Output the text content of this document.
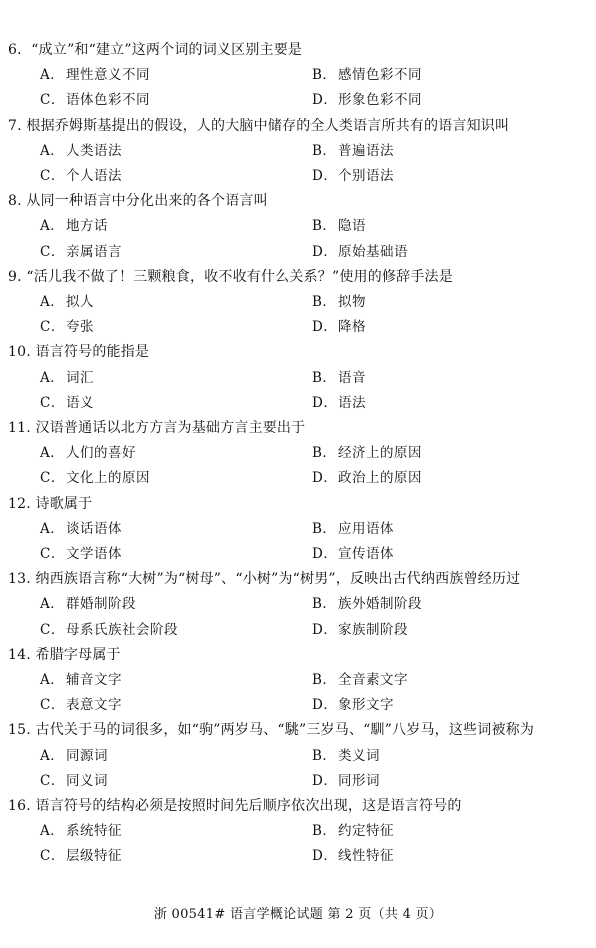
6．“成立”和“建立”这两个词的词义区别主要是
A． 理性意义不同	B． 感情色彩不同
C．语体色彩不同	D．形象色彩不同
7. 根据乔姆斯基提出的假设，人的大脑中储存的全人类语言所共有的语言知识叫
A． 人类语法	B． 普遍语法
C．个人语法	D．个别语法
8. 从同一种语言中分化出来的各个语言叫
A． 地方话	B． 隐语
C．亲属语言	D．原始基础语
9. “活儿我不做了！三颗粮食，收不收有什么关系？”使用的修辞手法是
A． 拟人	B． 拟物
C．夸张	D．降格
10. 语言符号的能指是
A． 词汇	B． 语音
C．语义	D．语法
11. 汉语普通话以北方方言为基础方言主要出于
A． 人们的喜好	B． 经济上的原因
C．文化上的原因	D．政治上的原因
12. 诗歌属于
A． 谈话语体	B． 应用语体
C．文学语体	D．宣传语体
13. 纳西族语言称“大树”为“树母”、“小树”为“树男”，反映出古代纳西族曾经历过
A． 群婚制阶段	B． 族外婚制阶段
C．母系氏族社会阶段	D．家族制阶段
14. 希腊字母属于
A． 辅音文字	B． 全音素文字
C．表意文字	D．象形文字
15. 古代关于马的词很多，如“驹”两岁马、“駣”三岁马、“馴”八岁马，这些词被称为
A． 同源词	B． 类义词
C．同义词	D．同形词
16. 语言符号的结构必须是按照时间先后顺序依次出现，这是语言符号的
A． 系统特征	B． 约定特征
C．层级特征	D．线性特征
浙 00541# 语言学概论试题 第 2 页（共 4 页）
